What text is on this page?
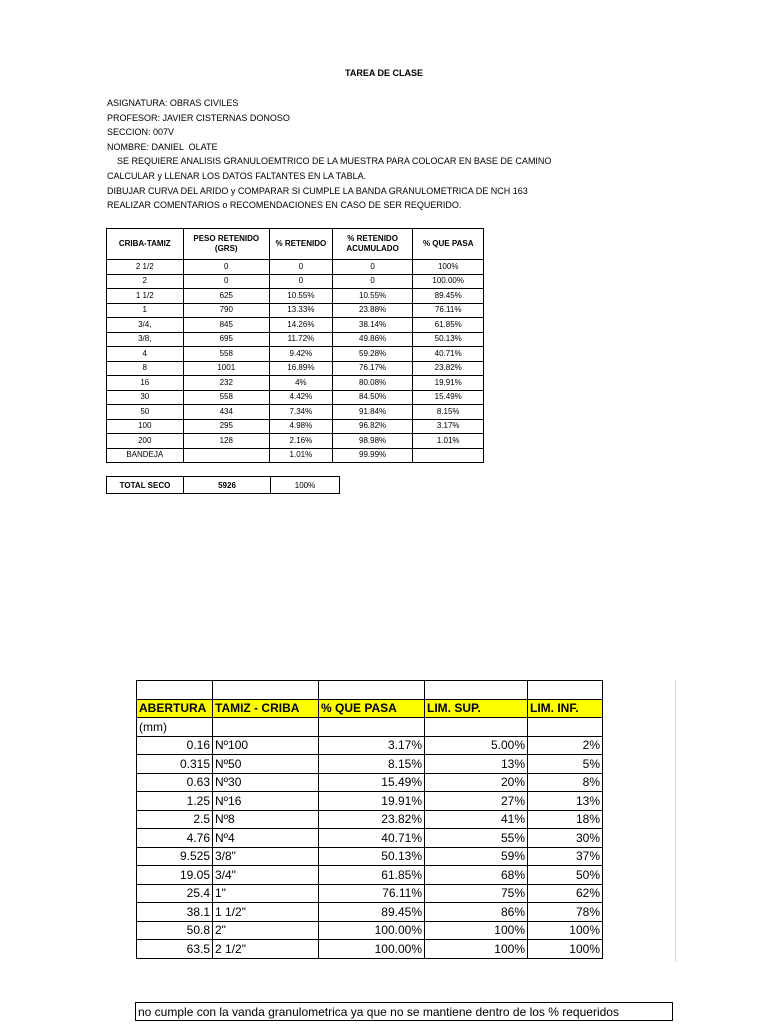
TAREA DE CLASE
ASIGNATURA: OBRAS CIVILES
PROFESOR: JAVIER CISTERNAS DONOSO
SECCION: 007V
NOMBRE: DANIEL  OLATE
SE REQUIERE ANALISIS GRANULOEMTRICO DE LA MUESTRA PARA COLOCAR EN BASE DE CAMINO
CALCULAR y LLENAR LOS DATOS FALTANTES EN LA TABLA.
DIBUJAR CURVA DEL ARIDO y COMPARAR SI CUMPLE LA BANDA GRANULOMETRICA DE NCH 163
REALIZAR COMENTARIOS o RECOMENDACIONES EN CASO DE SER REQUERIDO.
CRIBA-TAMIZ	PESO RETENIDO (GRS)	% RETENIDO	% RETENIDO ACUMULADO	% QUE PASA
2 1/2	0	0	0	100%
2	0	0	0	100.00%
1 1/2	625	10.55%	10.55%	89.45%
1	790	13.33%	23.88%	76.11%
3/4,	845	14.26%	38.14%	61.85%
3/8,	695	11.72%	49.86%	50.13%
4	558	9.42%	59.28%	40.71%
8	1001	16.89%	76.17%	23.82%
16	232	4%	80.08%	19.91%
30	558	4.42%	84.50%	15.49%
50	434	7.34%	91.84%	8.15%
100	295	4.98%	96.82%	3.17%
200	128	2.16%	98.98%	1.01%
BANDEJA		1.01%	99.99%	
TOTAL SECO	5926	100%

ABERTURA	TAMIZ - CRIBA	% QUE PASA	LIM. SUP.	LIM. INF.
(mm)				
0.16	Nº100	3.17%	5.00%	2%
0.315	Nº50	8.15%	13%	5%
0.63	Nº30	15.49%	20%	8%
1.25	Nº16	19.91%	27%	13%
2.5	Nº8	23.82%	41%	18%
4.76	Nº4	40.71%	55%	30%
9.525	3/8"	50.13%	59%	37%
19.05	3/4"	61.85%	68%	50%
25.4	1"	76.11%	75%	62%
38.1	1 1/2"	89.45%	86%	78%
50.8	2"	100.00%	100%	100%
63.5	2 1/2"	100.00%	100%	100%
no cumple con la vanda granulometrica ya que no se mantiene dentro de los % requeridos
